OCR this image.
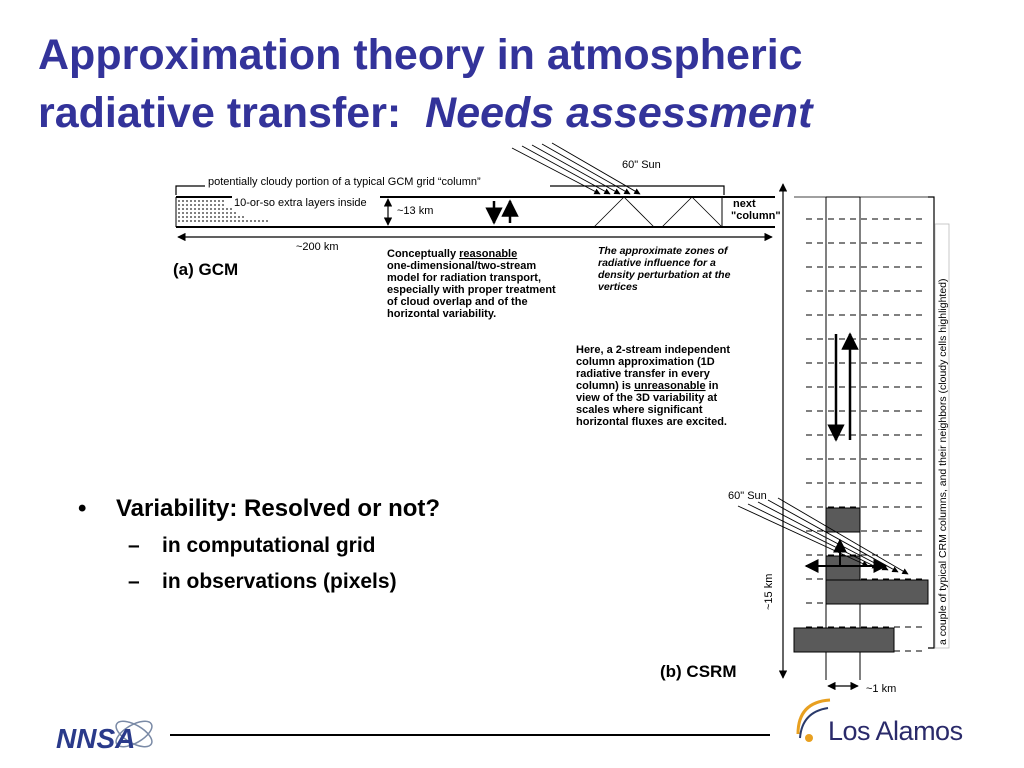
Approximation theory in atmospheric
radiative transfer:  Needs assessment
potentially cloudy portion of a typical GCM grid “column”
10-or-so extra layers inside
~13 km
60" Sun
next
"column"
~200 km
(a) GCM
Conceptually reasonable
one-dimensional/two-stream
model for radiation transport,
especially with proper treatment
of cloud overlap and of the
horizontal variability.
The approximate zones of
radiative influence for a
density perturbation at the
vertices
60" Sun
~15 km
~1 km
(b) CSRM
a couple of typical CRM columns, and their neighbors (cloudy cells highlighted)
Here, a 2-stream independent
column approximation (1D
radiative transfer in every
column) is unreasonable in
view of the 3D variability at
scales where significant
horizontal fluxes are excited.
•	Variability: Resolved or not?
–	in computational grid
–	in observations (pixels)
NNSA	Los Alamos
